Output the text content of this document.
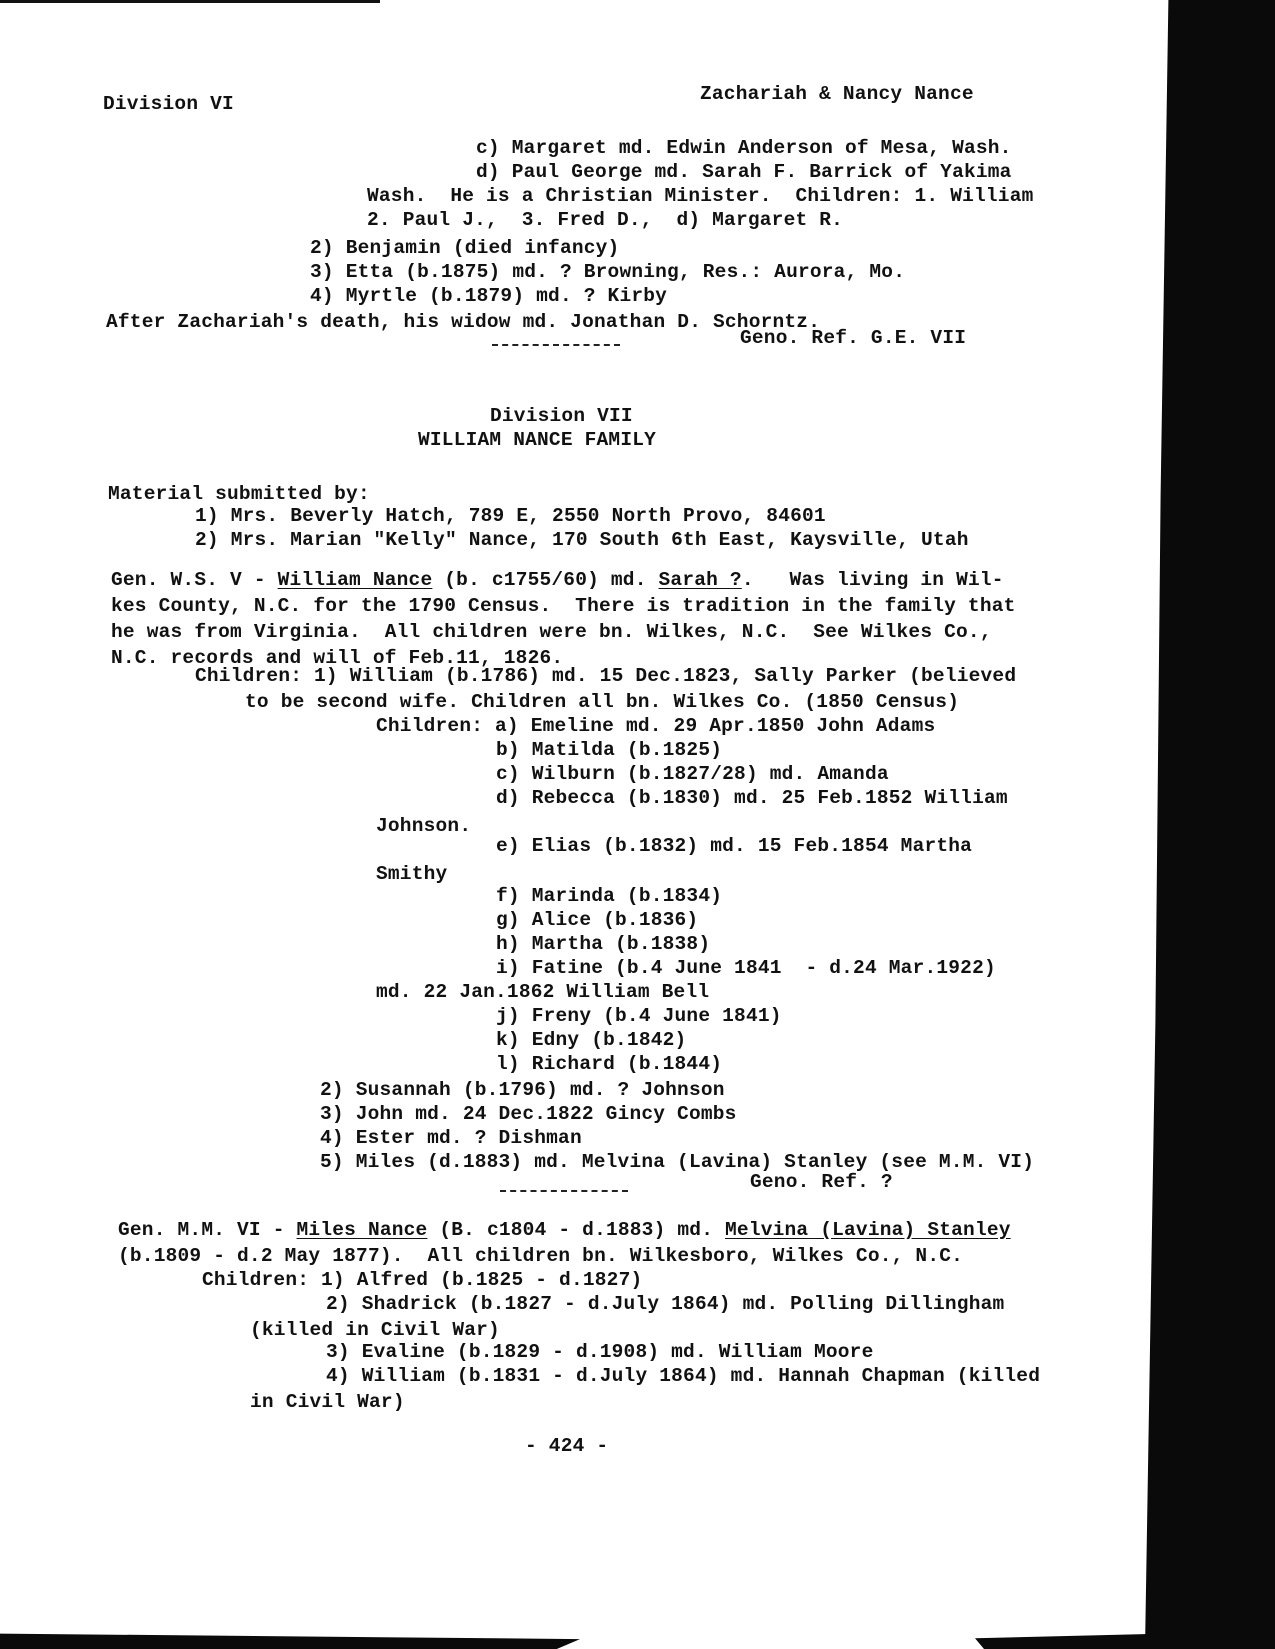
Division VI	Zachariah & Nancy Nance
c) Margaret md. Edwin Anderson of Mesa, Wash.
d) Paul George md. Sarah F. Barrick of Yakima
Wash.  He is a Christian Minister.  Children: 1. William
2. Paul J.,  3. Fred D.,  d) Margaret R.
2) Benjamin (died infancy)
3) Etta (b.1875) md. ? Browning, Res.: Aurora, Mo.
4) Myrtle (b.1879) md. ? Kirby
After Zachariah's death, his widow md. Jonathan D. Schorntz.
Geno. Ref. G.E. VII
Division VII
WILLIAM NANCE FAMILY
Material submitted by:
1) Mrs. Beverly Hatch, 789 E, 2550 North Provo, 84601
2) Mrs. Marian "Kelly" Nance, 170 South 6th East, Kaysville, Utah
kes County, N.C. for the 1790 Census.  There is tradition in the family that
he was from Virginia.  All children were bn. Wilkes, N.C.  See Wilkes Co.,
N.C. records and will of Feb.11, 1826.
Children: 1) William (b.1786) md. 15 Dec.1823, Sally Parker (believed
to be second wife. Children all bn. Wilkes Co. (1850 Census)
Children: a) Emeline md. 29 Apr.1850 John Adams
b) Matilda (b.1825)
c) Wilburn (b.1827/28) md. Amanda
d) Rebecca (b.1830) md. 25 Feb.1852 William
Johnson.
e) Elias (b.1832) md. 15 Feb.1854 Martha
Smithy
f) Marinda (b.1834)
g) Alice (b.1836)
h) Martha (b.1838)
i) Fatine (b.4 June 1841  - d.24 Mar.1922)
md. 22 Jan.1862 William Bell
j) Freny (b.4 June 1841)
k) Edny (b.1842)
l) Richard (b.1844)
2) Susannah (b.1796) md. ? Johnson
3) John md. 24 Dec.1822 Gincy Combs
4) Ester md. ? Dishman
5) Miles (d.1883) md. Melvina (Lavina) Stanley (see M.M. VI)
Geno. Ref. ?
(b.1809 - d.2 May 1877).  All children bn. Wilkesboro, Wilkes Co., N.C.
Children: 1) Alfred (b.1825 - d.1827)
2) Shadrick (b.1827 - d.July 1864) md. Polling Dillingham
(killed in Civil War)
3) Evaline (b.1829 - d.1908) md. William Moore
4) William (b.1831 - d.July 1864) md. Hannah Chapman (killed
in Civil War)
Gen. W.S. V - William Nance (b. c1755/60) md. Sarah ?.   Was living in Wil-
Gen. M.M. VI - Miles Nance (B. c1804 - d.1883) md. Melvina (Lavina) Stanley
- 424 -
